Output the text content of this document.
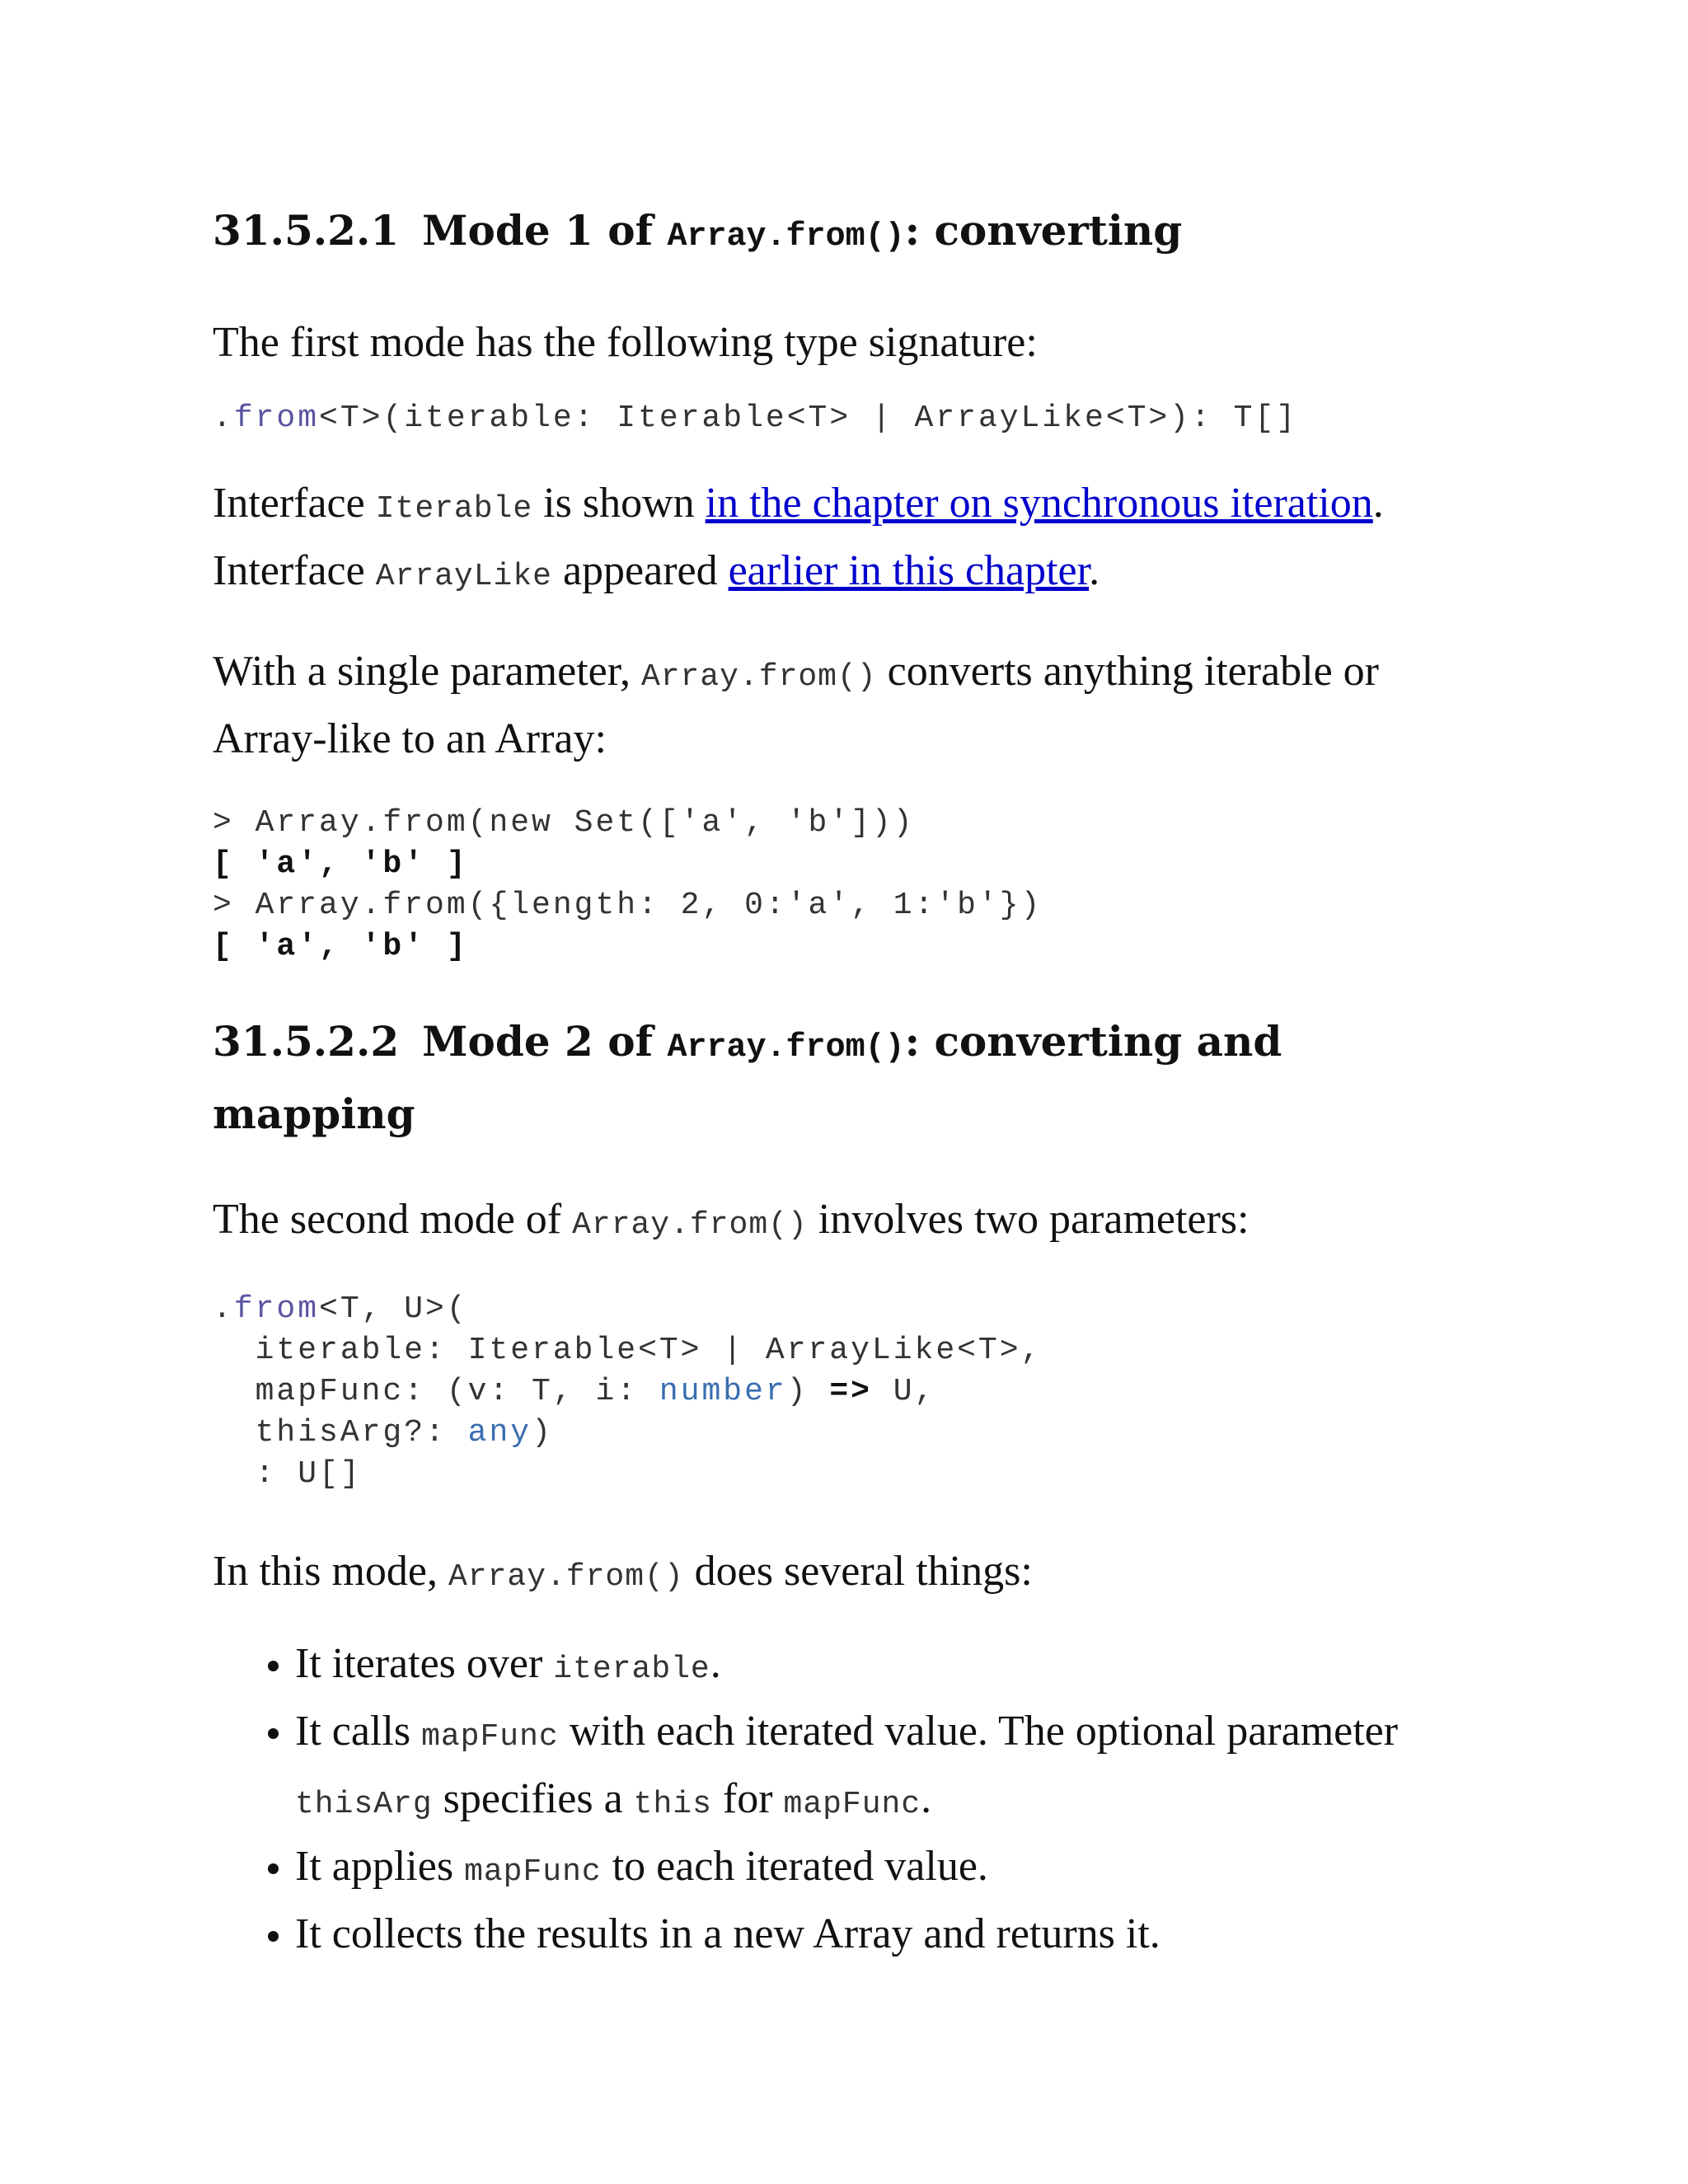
31.5.2.1 Mode 1 of Array.from(): converting

The first mode has the following type signature:

.from<T>(iterable: Iterable<T> | ArrayLike<T>): T[]

Interface Iterable is shown in the chapter on synchronous iteration.
Interface ArrayLike appeared earlier in this chapter.

With a single parameter, Array.from() converts anything iterable or
Array-like to an Array:

> Array.from(new Set(['a', 'b']))
[ 'a', 'b' ]
> Array.from({length: 2, 0:'a', 1:'b'})
[ 'a', 'b' ]
31.5.2.2 Mode 2 of Array.from(): converting and mapping

The second mode of Array.from() involves two parameters:

.from<T, U>(
iterable: Iterable<T> | ArrayLike<T>,
mapFunc: (v: T, i: number) => U,
thisArg?: any)
: U[]

In this mode, Array.from() does several things:

• It iterates over iterable.
• It calls mapFunc with each iterated value. The optional parameter
thisArg specifies a this for mapFunc.
• It applies mapFunc to each iterated value.
• It collects the results in a new Array and returns it.
